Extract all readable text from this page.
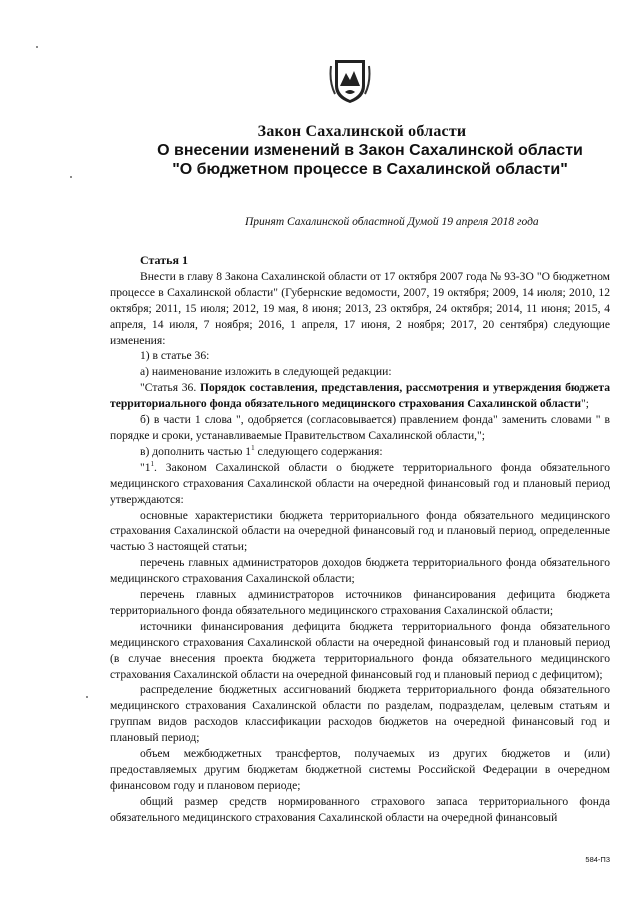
Закон Сахалинской области
О внесении изменений в Закон Сахалинской области "О бюджетном процессе в Сахалинской области"
Принят Сахалинской областной Думой 19 апреля 2018 года

Статья 1

Внести в главу 8 Закона Сахалинской области от 17 октября 2007 года № 93-ЗО "О бюджетном процессе в Сахалинской области" (Губернские ведомости, 2007, 19 октября; 2009, 14 июля; 2010, 12 октября; 2011, 15 июля; 2012, 19 мая, 8 июня; 2013, 23 октября, 24 октября; 2014, 11 июня; 2015, 4 апреля, 14 июля, 7 ноября; 2016, 1 апреля, 17 июня, 2 ноября; 2017, 20 сентября) следующие изменения:

1) в статье 36:

а) наименование изложить в следующей редакции:

"Статья 36. Порядок составления, представления, рассмотрения и утверждения бюджета территориального фонда обязательного медицинского страхования Сахалинской области";

б) в части 1 слова ", одобряется (согласовывается) правлением фонда" заменить словами " в порядке и сроки, устанавливаемые Правительством Сахалинской области,";

в) дополнить частью $1^1$ следующего содержания:

"$1^1$. Законом Сахалинской области о бюджете территориального фонда обязательного медицинского страхования Сахалинской области на очередной финансовый год и плановый период утверждаются:

основные характеристики бюджета территориального фонда обязательного медицинского страхования Сахалинской области на очередной финансовый год и плановый период, определенные частью 3 настоящей статьи;

перечень главных администраторов доходов бюджета территориального фонда обязательного медицинского страхования Сахалинской области;

перечень главных администраторов источников финансирования дефицита бюджета территориального фонда обязательного медицинского страхования Сахалинской области;

источники финансирования дефицита бюджета территориального фонда обязательного медицинского страхования Сахалинской области на очередной финансовый год и плановый период (в случае внесения проекта бюджета территориального фонда обязательного медицинского страхования Сахалинской области на очередной финансовый год и плановый период с дефицитом);

распределение бюджетных ассигнований бюджета территориального фонда обязательного медицинского страхования Сахалинской области по разделам, подразделам, целевым статьям и группам видов расходов классификации расходов бюджетов на очередной финансовый год и плановый период;

объем межбюджетных трансфертов, получаемых из других бюджетов и (или) предоставляемых другим бюджетам бюджетной системы Российской Федерации в очередном финансовом году и плановом периоде;

общий размер средств нормированного страхового запаса территориального фонда обязательного медицинского страхования Сахалинской области на очередной финансовый

584-П3
